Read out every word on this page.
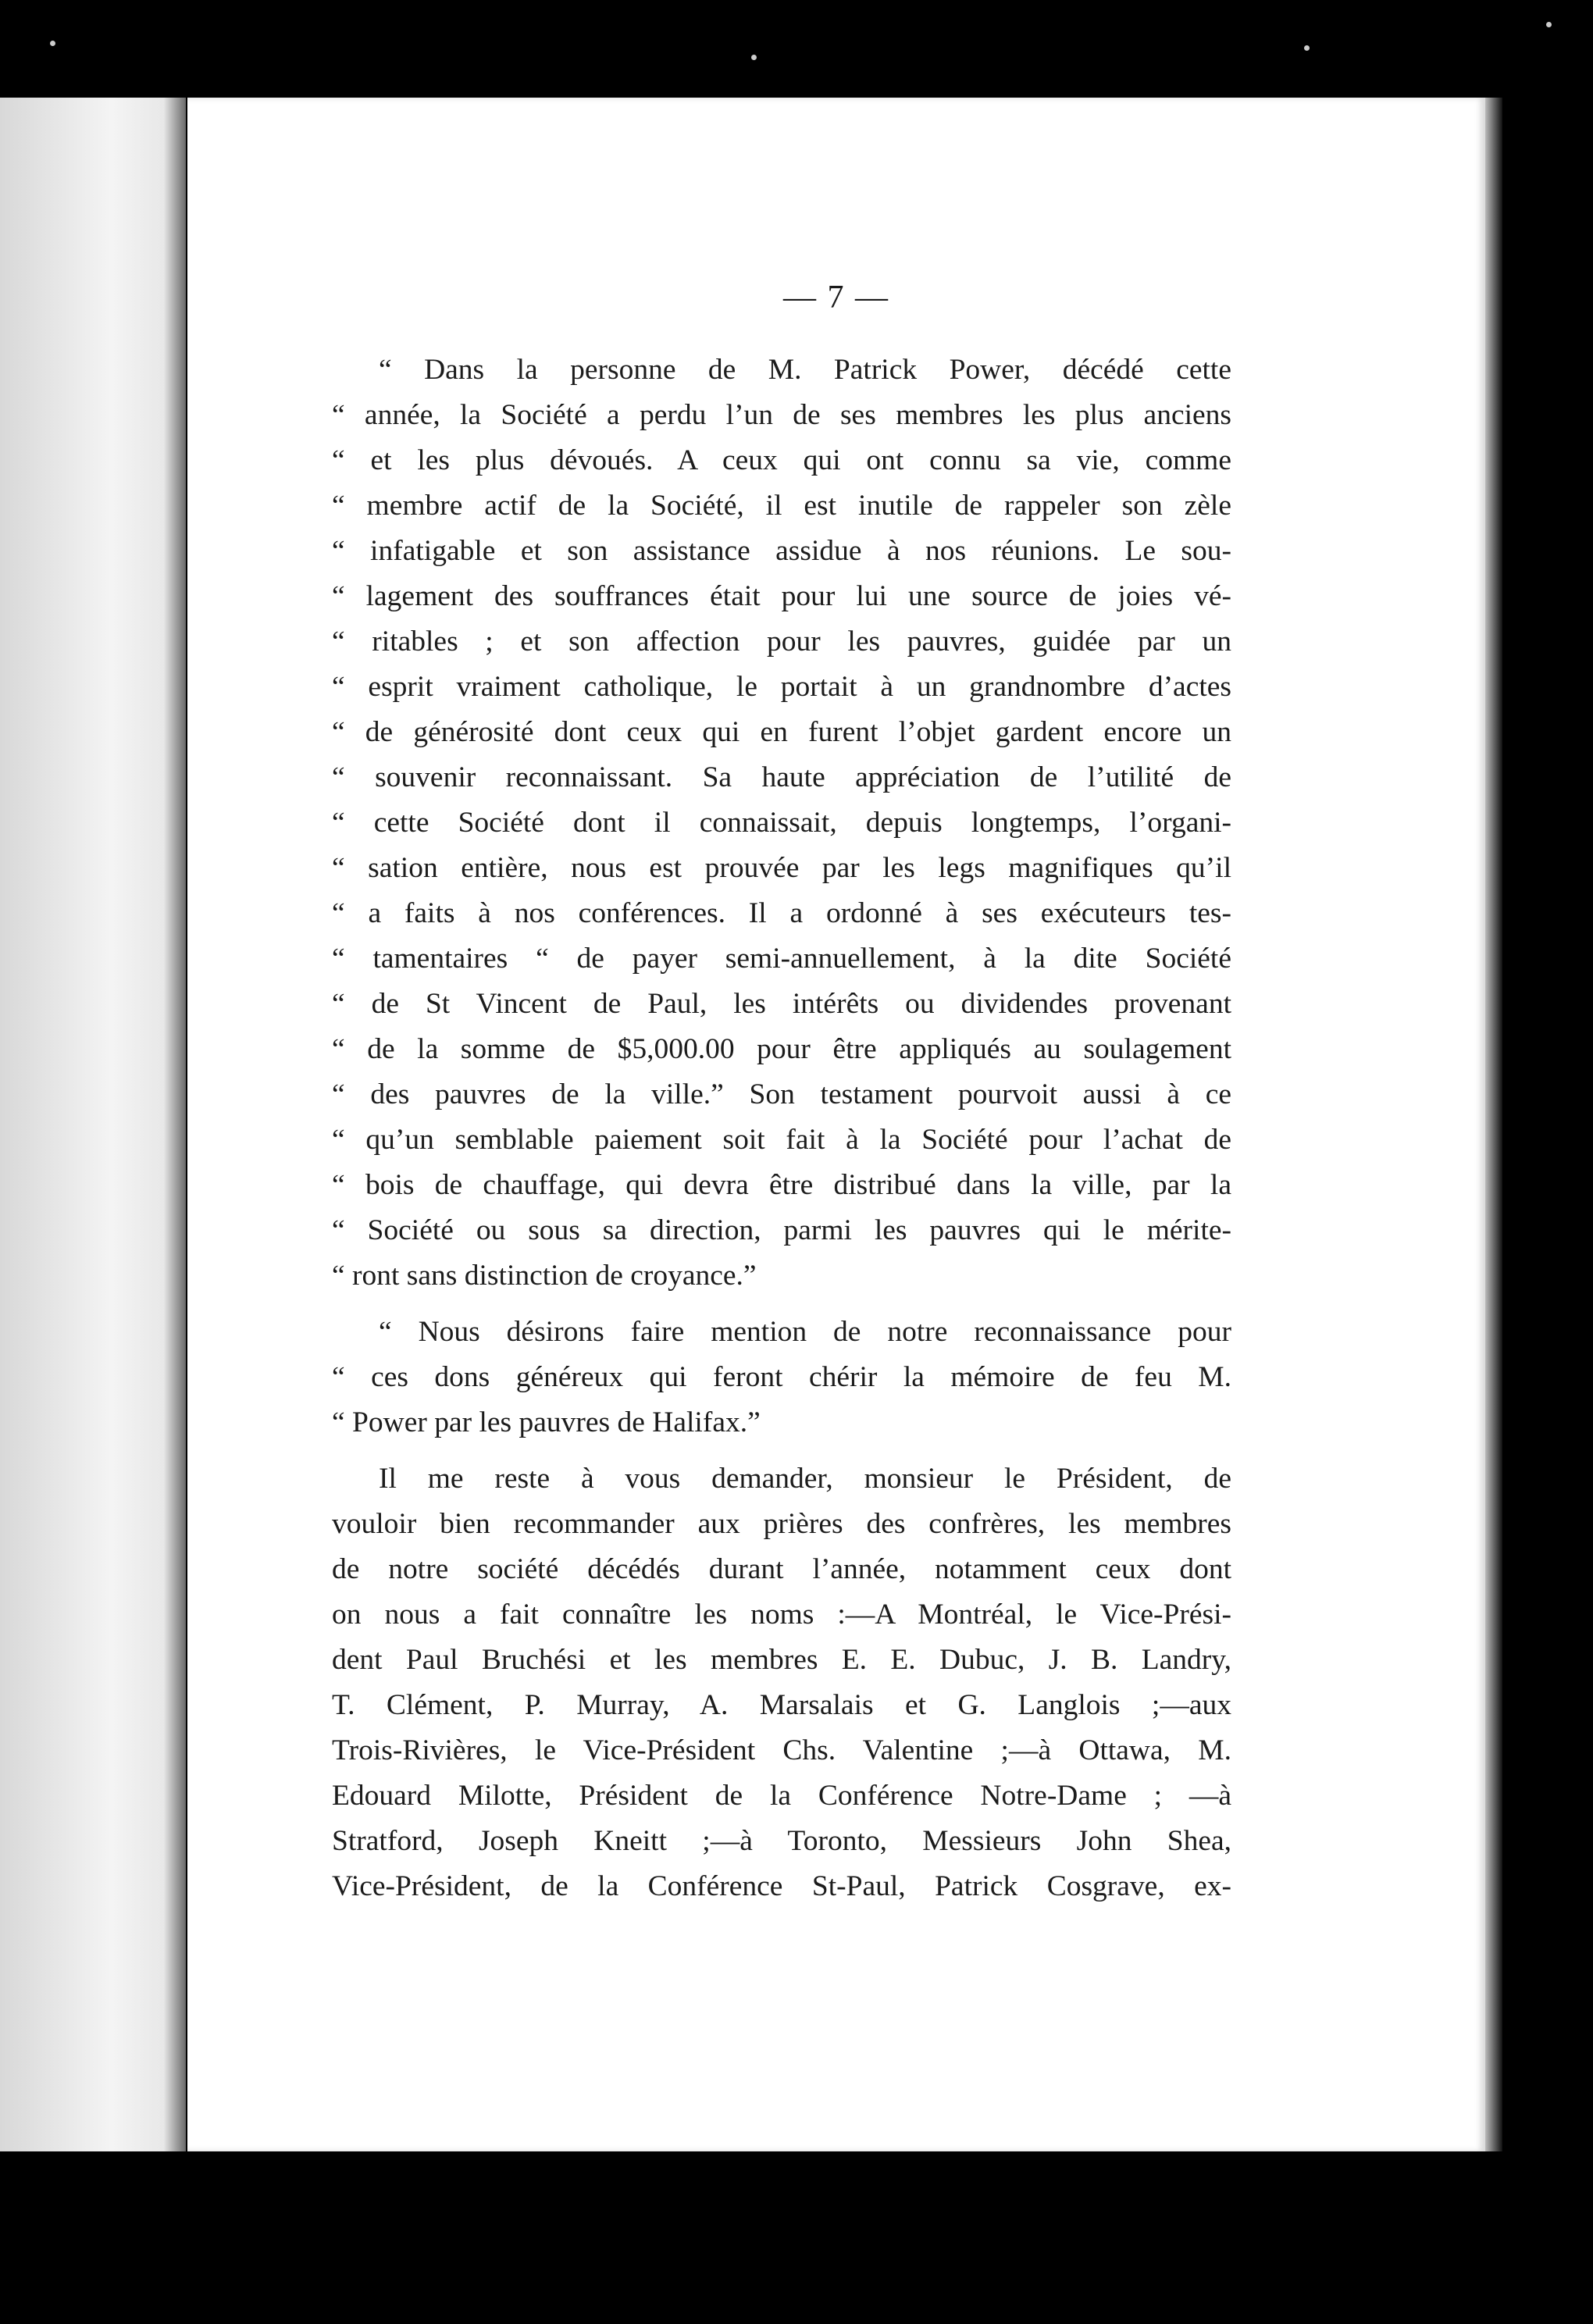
— 7 —
“ Dans la personne de M. Patrick Power, décédé cette
“ année, la Société a perdu l’un de ses membres les plus anciens
“ et les plus dévoués. A ceux qui ont connu sa vie, comme
“ membre actif de la Société, il est inutile de rappeler son zèle
“ infatigable et son assistance assidue à nos réunions. Le sou-
“ lagement des souffrances était pour lui une source de joies vé-
“ ritables ; et son affection pour les pauvres, guidée par un
“ esprit vraiment catholique, le portait à un grandnombre d’actes
“ de générosité dont ceux qui en furent l’objet gardent encore un
“ souvenir reconnaissant. Sa haute appréciation de l’utilité de
“ cette Société dont il connaissait, depuis longtemps, l’organi-
“ sation entière, nous est prouvée par les legs magnifiques qu’il
“ a faits à nos conférences. Il a ordonné à ses exécuteurs tes-
“ tamentaires “ de payer semi-annuellement, à la dite Société
“ de St Vincent de Paul, les intérêts ou dividendes provenant
“ de la somme de $5,000.00 pour être appliqués au soulagement
“ des pauvres de la ville.” Son testament pourvoit aussi à ce
“ qu’un semblable paiement soit fait à la Société pour l’achat de
“ bois de chauffage, qui devra être distribué dans la ville, par la
“ Société ou sous sa direction, parmi les pauvres qui le mérite-
“ ront sans distinction de croyance.”
“ Nous désirons faire mention de notre reconnaissance pour
“ ces dons généreux qui feront chérir la mémoire de feu M.
“ Power par les pauvres de Halifax.”
Il me reste à vous demander, monsieur le Président, de
vouloir bien recommander aux prières des confrères, les membres
de notre société décédés durant l’année, notamment ceux dont
on nous a fait connaître les noms :—A Montréal, le Vice-Prési-
dent Paul Bruchési et les membres E. E. Dubuc, J. B. Landry,
T. Clément, P. Murray, A. Marsalais et G. Langlois ;—aux
Trois-Rivières, le Vice-Président Chs. Valentine ;—à Ottawa, M.
Edouard Milotte, Président de la Conférence Notre-Dame ; —à
Stratford, Joseph Kneitt ;—à Toronto, Messieurs John Shea,
Vice-Président, de la Conférence St-Paul, Patrick Cosgrave, ex-
